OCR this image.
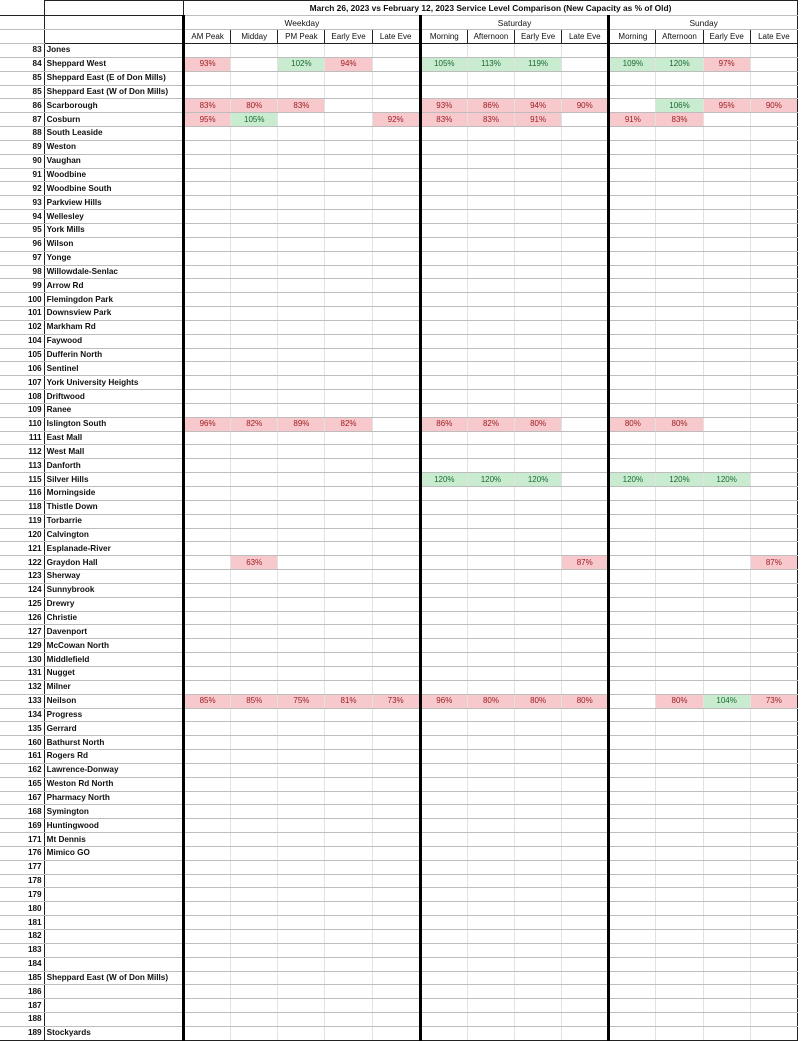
		March 26, 2023 vs February 12, 2023 Service Level Comparison (New Capacity as % of Old)												
		Weekday					Saturday				Sunday			
		AM Peak	Midday	PM Peak	Early Eve	Late Eve	Morning	Afternoon	Early Eve	Late Eve	Morning	Afternoon	Early Eve	Late Eve
83	Jones													
84	Sheppard West	93%		102%	94%		105%	113%	119%		109%	120%	97%	
85	Sheppard East (E of Don Mills)													
85	Sheppard East (W of Don Mills)													
86	Scarborough	83%	80%	83%			93%	86%	94%	90%		106%	95%	90%
87	Cosburn	95%	105%			92%	83%	83%	91%		91%	83%		
88	South Leaside													
89	Weston													
90	Vaughan													
91	Woodbine													
92	Woodbine South													
93	Parkview Hills													
94	Wellesley													
95	York Mills													
96	Wilson													
97	Yonge													
98	Willowdale-Senlac													
99	Arrow Rd													
100	Flemingdon Park													
101	Downsview Park													
102	Markham Rd													
104	Faywood													
105	Dufferin North													
106	Sentinel													
107	York University Heights													
108	Driftwood													
109	Ranee													
110	Islington South	96%	82%	89%	82%		86%	82%	80%		80%	80%		
111	East Mall													
112	West Mall													
113	Danforth													
115	Silver Hills						120%	120%	120%		120%	120%	120%	
116	Morningside													
118	Thistle Down													
119	Torbarrie													
120	Calvington													
121	Esplanade-River													
122	Graydon Hall		63%							87%				87%
123	Sherway													
124	Sunnybrook													
125	Drewry													
126	Christie													
127	Davenport													
129	McCowan North													
130	Middlefield													
131	Nugget													
132	Milner													
133	Neilson	85%	85%	75%	81%	73%	96%	80%	80%	80%		80%	104%	73%
134	Progress													
135	Gerrard													
160	Bathurst North													
161	Rogers Rd													
162	Lawrence-Donway													
165	Weston Rd North													
167	Pharmacy North													
168	Symington													
169	Huntingwood													
171	Mt Dennis													
176	Mimico GO													
177														
178														
179														
180														
181														
182														
183														
184														
185	Sheppard East (W of Don Mills)													
186														
187														
188														
189	Stockyards													
